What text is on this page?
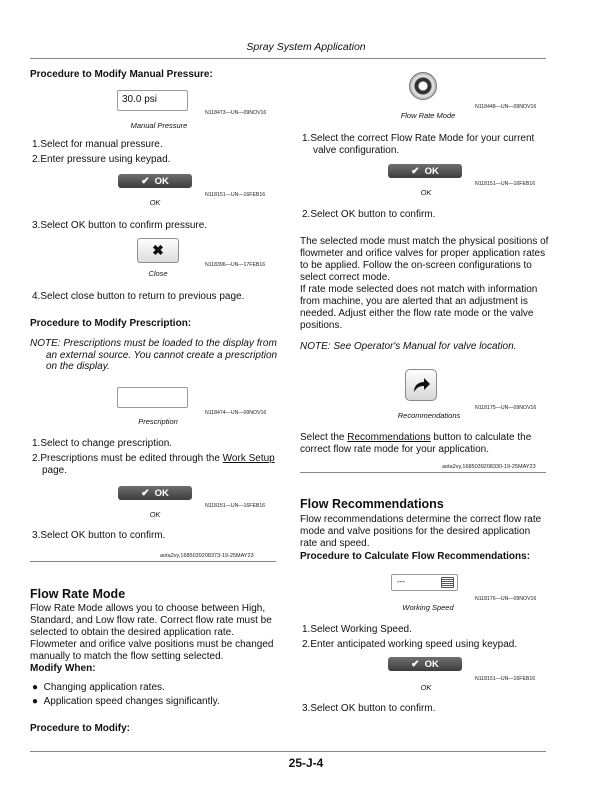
Spray System Application
Procedure to Modify Manual Pressure:
30.0 psi
N118473—UN—09NOV16
Manual Pressure
1.Select for manual pressure.
2.Enter pressure using keypad.
✔ OK
N118151—UN—16FEB16
OK
3.Select OK button to confirm pressure.
✖
N118396—UN—17FEB16
Close
4.Select close button to return to previous page.
Procedure to Modify Prescription:
NOTE: Prescriptions must be loaded to the display from an external source. You cannot create a prescription on the display.
N118474—UN—09NOV16
Prescription
1.Select to change prescription.
2.Prescriptions must be edited through the Work Setup
page.
✔ OK
N118151—UN—16FEB16
OK
3.Select OK button to confirm.
aota2vy,1685039208373-19-25MAY23
Flow Rate Mode
Flow Rate Mode allows you to choose between High, Standard, and Low flow rate. Correct flow rate must be selected to obtain the desired application rate. Flowmeter and orifice valve positions must be changed manually to match the flow setting selected.
Modify When:
●  Changing application rates.
●  Application speed changes significantly.
Procedure to Modify:
N118448—UN—09NOV16
Flow Rate Mode
1.Select the correct Flow Rate Mode for your current valve configuration.
✔ OK
N118151—UN—16FEB16
OK
2.Select OK button to confirm.
The selected mode must match the physical positions of flowmeter and orifice valves for proper application rates to be applied. Follow the on-screen configurations to select correct mode.
If rate mode selected does not match with information from machine, you are alerted that an adjustment is needed. Adjust either the flow rate mode or the valve positions.
NOTE: See Operator's Manual for valve location.
N118175—UN—09NOV16
Recommendations
Select the Recommendations button to calculate the correct flow rate mode for your application.
aota2vy,1685039208330-19-25MAY23
Flow Recommendations
Flow recommendations determine the correct flow rate mode and valve positions for the desired application rate and speed.
Procedure to Calculate Flow Recommendations:
---
N118176—UN—09NOV16
Working Speed
1.Select Working Speed.
2.Enter anticipated working speed using keypad.
✔ OK
N118151—UN—16FEB16
OK
3.Select OK button to confirm.
25-J-4
